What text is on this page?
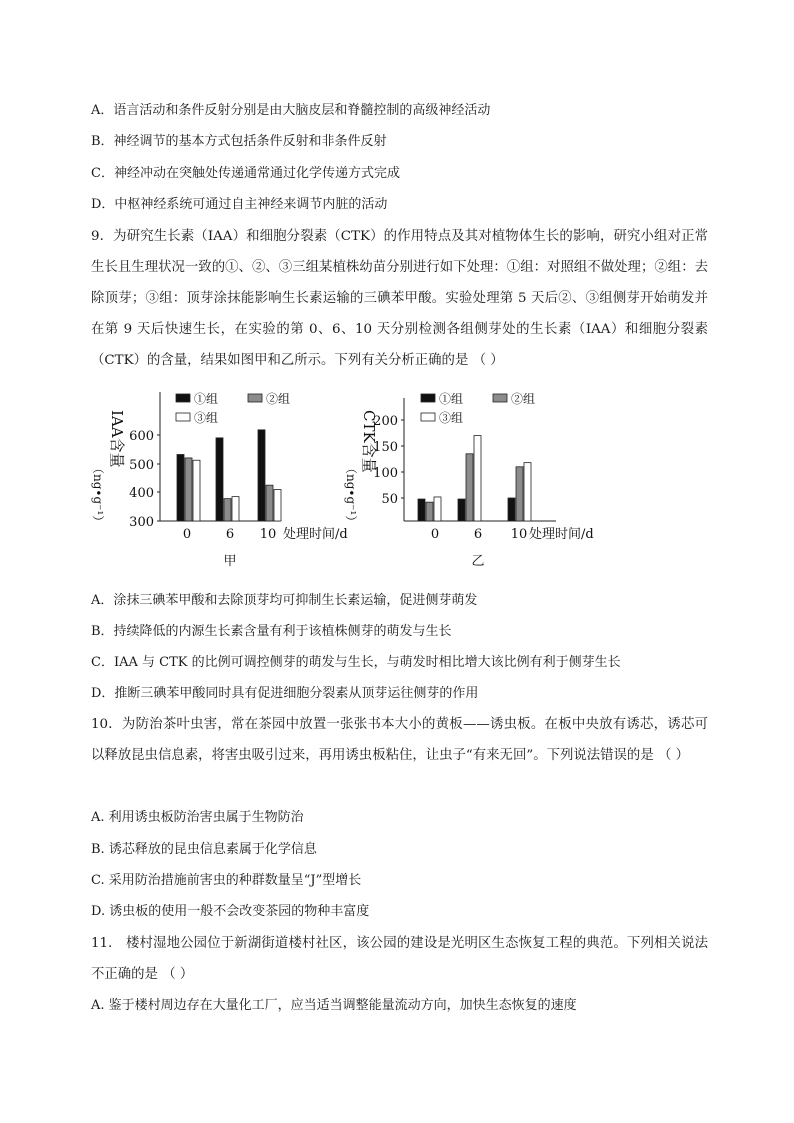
A．语言活动和条件反射分别是由大脑皮层和脊髓控制的高级神经活动
B．神经调节的基本方式包括条件反射和非条件反射
C．神经冲动在突触处传递通常通过化学传递方式完成
D．中枢神经系统可通过自主神经来调节内脏的活动
9．为研究生长素（IAA）和细胞分裂素（CTK）的作用特点及其对植物体生长的影响，研究小组对正常生长且生理状况一致的①、②、③三组某植株幼苗分别进行如下处理：①组：对照组不做处理；②组：去除顶芽；③组：顶芽涂抹能影响生长素运输的三碘苯甲酸。实验处理第 5 天后②、③组侧芽开始萌发并在第 9 天后快速生长，在实验的第 0、6、10 天分别检测各组侧芽处的生长素（IAA）和细胞分裂素（CTK）的含量，结果如图甲和乙所示。下列有关分析正确的是 （ ）
300
400
500
600
0	6 10 处理时间/d
甲
IAA含量
（ng•g⁻¹）
①组	②组
③组
50
100
150
200
0	6 10 处理时间/d
乙
CTK含量
（ng•g⁻¹）
①组	②组
③组
A．涂抹三碘苯甲酸和去除顶芽均可抑制生长素运输，促进侧芽萌发
B．持续降低的内源生长素含量有利于该植株侧芽的萌发与生长
C．IAA 与 CTK 的比例可调控侧芽的萌发与生长，与萌发时相比增大该比例有利于侧芽生长
D．推断三碘苯甲酸同时具有促进细胞分裂素从顶芽运往侧芽的作用
10．为防治茶叶虫害，常在茶园中放置一张张书本大小的黄板——诱虫板。在板中央放有诱芯，诱芯可以释放昆虫信息素，将害虫吸引过来，再用诱虫板粘住，让虫子“有来无回”。下列说法错误的是 （ ）
A. 利用诱虫板防治害虫属于生物防治
B. 诱芯释放的昆虫信息素属于化学信息
C. 采用防治措施前害虫的种群数量呈“J”型增长
D. 诱虫板的使用一般不会改变茶园的物种丰富度
11.　楼村湿地公园位于新湖街道楼村社区，该公园的建设是光明区生态恢复工程的典范。下列相关说法不正确的是 （ ）
A. 鉴于楼村周边存在大量化工厂，应当适当调整能量流动方向，加快生态恢复的速度
